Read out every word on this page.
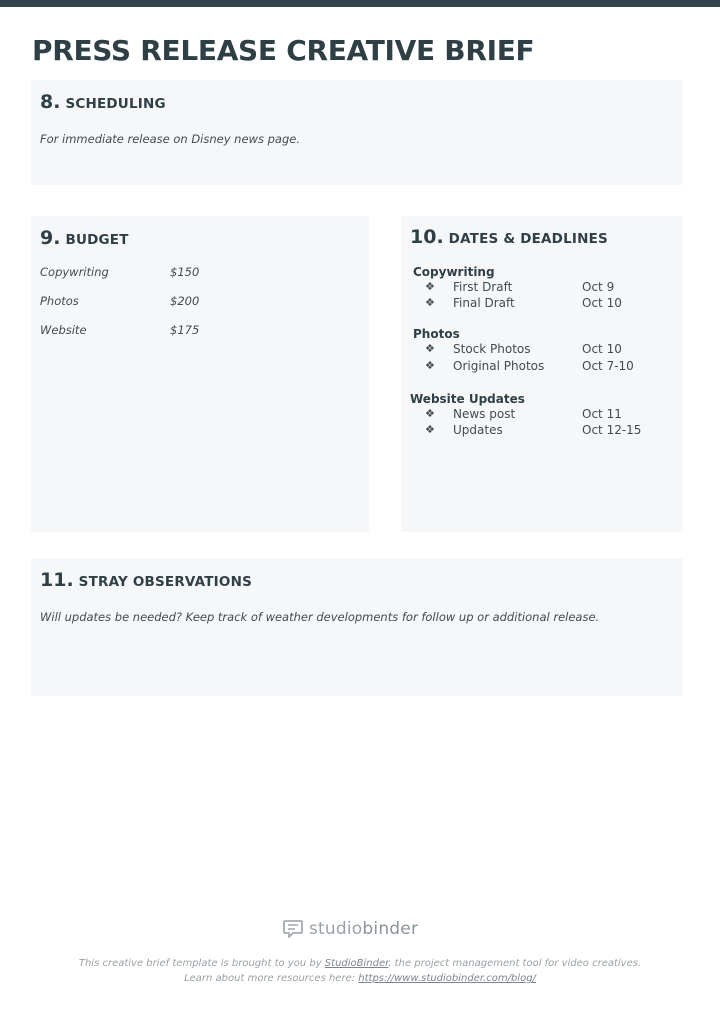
PRESS RELEASE CREATIVE BRIEF
8. SCHEDULING

For immediate release on Disney news page.

9. BUDGET
Copywriting	$150
Photos	$200
Website	$175
10. DATES & DEADLINES
Copywriting
❖ First Draft	Oct 9
❖ Final Draft	Oct 10
Photos
❖ Stock Photos	Oct 10
❖ Original Photos	Oct 7-10
Website Updates
❖ News post	Oct 11
❖ Updates	Oct 12-15
11. STRAY OBSERVATIONS

Will updates be needed? Keep track of weather developments for follow up or additional release.

studiobinder

This creative brief template is brought to you by StudioBinder, the project management tool for video creatives.

Learn about more resources here: https://www.studiobinder.com/blog/
